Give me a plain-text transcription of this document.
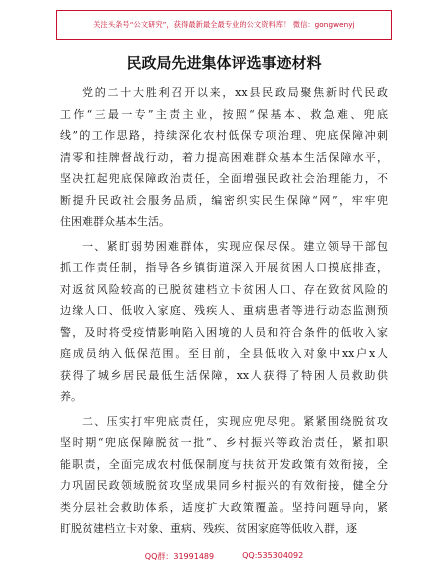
关注头条号“公文研究”，获得最新最全最专业的公文资料库！ 微信：gongwenyj
民政局先进集体评选事迹材料
党的二十大胜利召开以来，xx县民政局聚焦新时代民政
工作“三最一专”主责主业，按照“保基本、救急难、兜底
线”的工作思路，持续深化农村低保专项治理、兜底保障冲刺
清零和挂牌督战行动，着力提高困难群众基本生活保障水平，
坚决扛起兜底保障政治责任，全面增强民政社会治理能力，不
断提升民政社会服务品质，编密织实民生保障“网”，牢牢兜
住困难群众基本生活。
一、紧盯弱势困难群体，实现应保尽保。建立领导干部包
抓工作责任制，指导各乡镇街道深入开展贫困人口摸底排查，
对返贫风险较高的已脱贫建档立卡贫困人口、存在致贫风险的
边缘人口、低收入家庭、残疾人、重病患者等进行动态监测预
警，及时将受疫情影响陷入困境的人员和符合条件的低收入家
庭成员纳入低保范围。至目前，全县低收入对象中xx户x人
获得了城乡居民最低生活保障，xx人获得了特困人员救助供
养。
二、压实打牢兜底责任，实现应兜尽兜。紧紧围绕脱贫攻
坚时期“兜底保障脱贫一批”、乡村振兴等政治责任，紧扣职
能职责，全面完成农村低保制度与扶贫开发政策有效衔接，全
力巩固民政领域脱贫攻坚成果同乡村振兴的有效衔接，健全分
类分层社会救助体系，适度扩大政策覆盖。坚持问题导向，紧
盯脱贫建档立卡对象、重病、残疾、贫困家庭等低收入群，逐
QQ群：31991489	QQ:535304092
